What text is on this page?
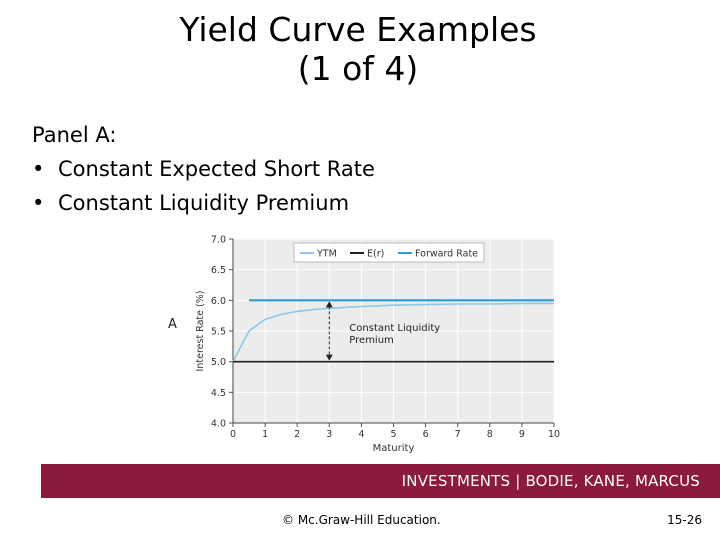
Yield Curve Examples
(1 of 4)
Panel A:
• Constant Expected Short Rate
• Constant Liquidity Premium
4.0
4.5
5.0
5.5
6.0
6.5
7.0
0	1	2	3	4	5	6	7	8	9 10
Maturity
Interest Rate (%)
A	Constant Liquidity
Premium
YTM	E(r)	Forward Rate
INVESTMENTS | BODIE, KANE, MARCUS
© Mc.Graw-Hill Education.	15-26
